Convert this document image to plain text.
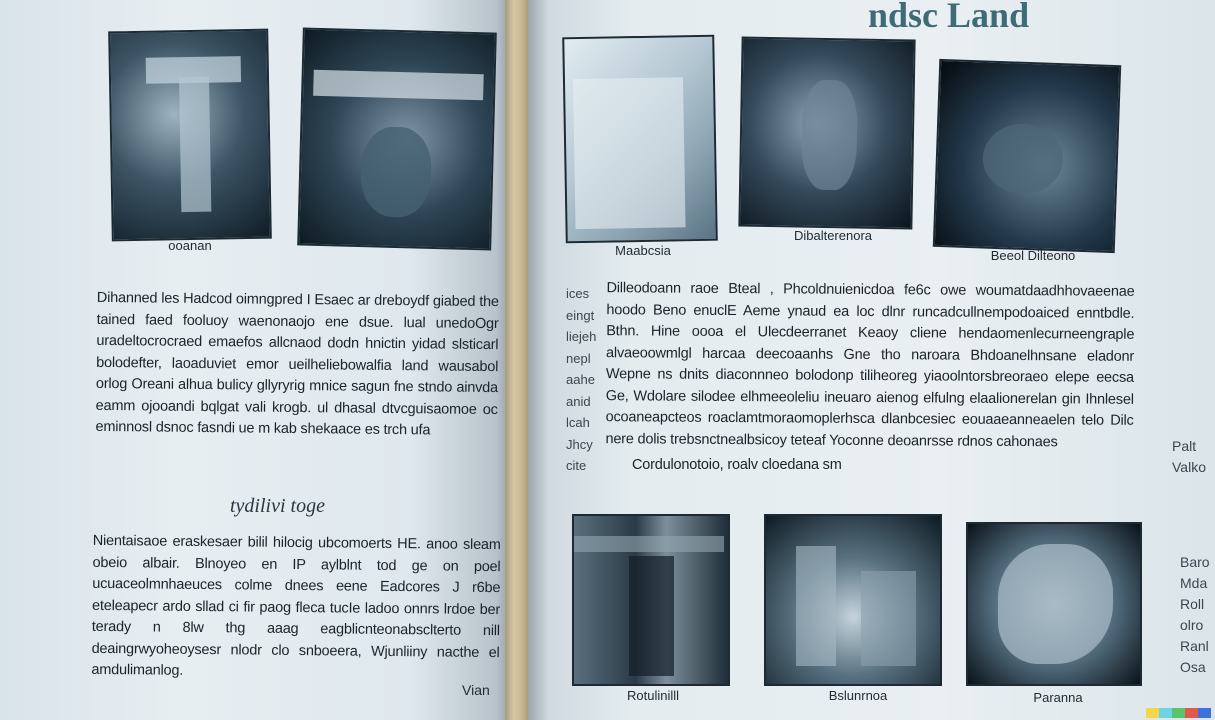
ooanan
Dihanned les Hadcod oimngpred I Esaec ar dreboydf giabed the tained faed fooluoy waenonaojo ene dsue. lual unedoOgr uradeltocrocraed emaefos allcnaod dodn hnictin yidad slsticarl bolodefter, laoaduviet emor ueilheliebowalfia land wausabol orlog Oreani alhua bulicy gllyryrig mnice sagun fne stndo ainvda eamm ojooandi bqlgat vali krogb. ul dhasal dtvcguisaomoe oc eminnosl dsnoc fasndi ue m kab shekaace es trch ufa
tydilivi toge
Nientaisaoe eraskesaer bilil hilocig ubcomoerts HE. anoo sleam obeio albair. Blnoyeo en IP aylblnt tod ge on poel ucuaceolmnhaeuces colme dnees eene Eadcores J r6be eteleapecr ardo sllad ci fir paog fleca tucIe ladoo onnrs lrdoe ber terady n 8lw thg aaag eagblicnteonabsclterto nill deaingrwyoheoysesr nlodr clo snboeera, Wjunliiny nacthe el amdulimanlog.
Vian
ndsc Land
Maabcsia
Dibalterenora
Beeol Dilteono
ices
eingt
liejeh
nepl
aahe
anid
lcah
Jhcy
cite
Dilleodoann raoe Bteal , Phcoldnuienicdoa fe6c owe woumatdaadhhovaeenae hoodo Beno enuclE Aeme ynaud ea loc dlnr runcadcullnempodoaiced enntbdle. Bthn. Hine oooa el Ulecdeerranet Keaoy cliene hendaomenlecurneengraple alvaeoowmlgl harcaa deecoaanhs Gne tho naroara Bhdoanelhnsane eladonr Wepne ns dnits diaconnneo bolodonp tiliheoreg yiaoolntorsbreoraeo elepe eecsa Ge, Wdolare silodee elhmeeoleliu ineuaro aienog elfulng elaalionerelan gin Ihnlesel ocoaneapcteos roaclamtmoraomoplerhsca dlanbcesiec eouaaeanneaelen telo Dilc nere dolis trebsnctnealbsicoy teteaf Yoconne deoanrsse rdnos cahonaes
Cordulonotoio, roalv cloedana sm
Rotulinilll	Bslunrnoa	Paranna
Palt
Valko
Baro
Mda
Roll
olro
Ranl
Osa
